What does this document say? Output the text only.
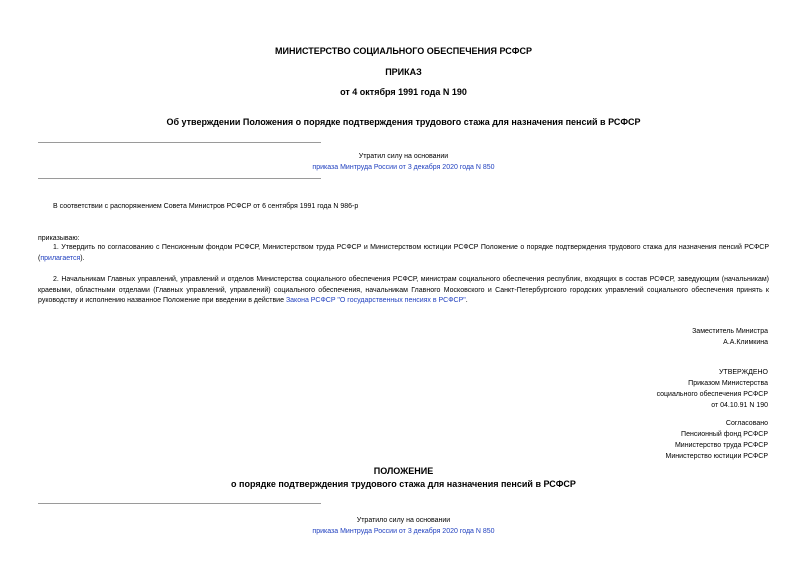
МИНИСТЕРСТВО СОЦИАЛЬНОГО ОБЕСПЕЧЕНИЯ РСФСР
ПРИКАЗ
от 4 октября 1991 года N 190
Об утверждении Положения о порядке подтверждения трудового стажа для назначения пенсий в РСФСР
Утратил силу на основании
приказа Минтруда России от 3 декабря 2020 года N 850
В соответствии с распоряжением Совета Министров РСФСР от 6 сентября 1991 года N 986-р
приказываю:
1. Утвердить по согласованию с Пенсионным фондом РСФСР, Министерством труда РСФСР и Министерством юстиции РСФСР Положение о порядке подтверждения трудового стажа для назначения пенсий РСФСР (прилагается).
2. Начальникам Главных управлений, управлений и отделов Министерства социального обеспечения РСФСР, министрам социального обеспечения республик, входящих в состав РСФСР, заведующим (начальникам) краевыми, областными отделами (Главных управлений, управлений) социального обеспечения, начальникам Главного Московского и Санкт-Петербургского городских управлений социального обеспечения принять к руководству и исполнению названное Положение при введении в действие Закона РСФСР "О государственных пенсиях в РСФСР".
Заместитель Министра
А.А.Климкина
УТВЕРЖДЕНО
Приказом Министерства
социального обеспечения РСФСР
от 04.10.91 N 190
Согласовано
Пенсионный фонд РСФСР
Министерство труда РСФСР
Министерство юстиции РСФСР
ПОЛОЖЕНИЕ
о порядке подтверждения трудового стажа для назначения пенсий в РСФСР
Утратило силу на основании
приказа Минтруда России от 3 декабря 2020 года N 850
